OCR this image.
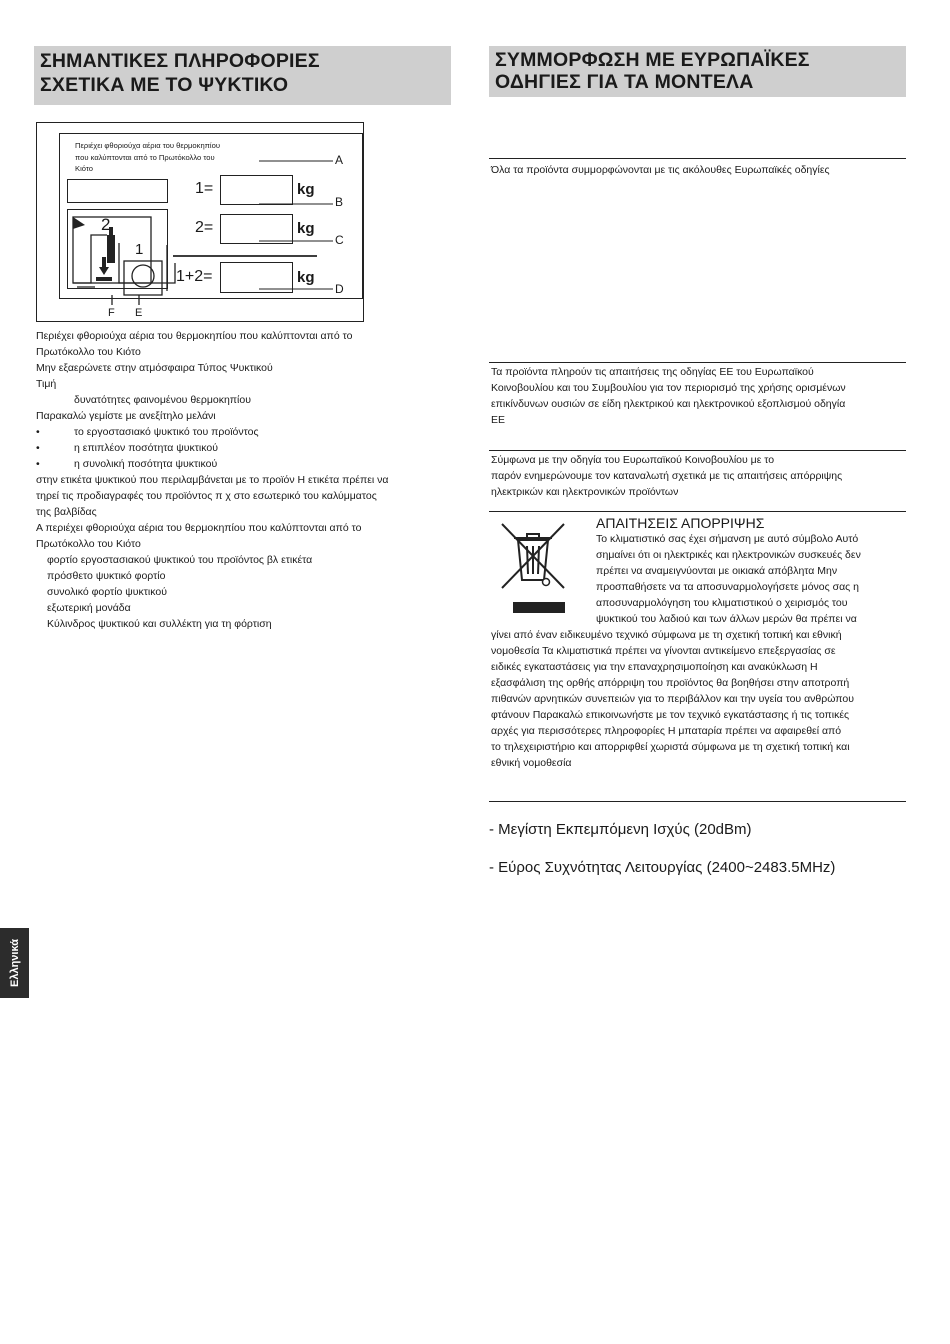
ΣΗΜΑΝΤΙΚΕΣ ΠΛΗΡΟΦΟΡΙΕΣ
ΣΧΕΤΙΚΑ ΜΕ ΤΟ ΨΥΚΤΙΚΟ
ΣΥΜΜΟΡΦΩΣΗ ΜΕ ΕΥΡΩΠΑΪΚΕΣ
ΟΔΗΓΙΕΣ ΓΙΑ ΤΑ ΜΟΝΤΕΛΑ
Περιέχει φθοριούχα αέρια του θερμοκηπίου
που καλύπτονται από το Πρωτόκολλο του
Κιότο
2
1
1=	kg
2=	kg
1+2=	kg
F E
A
B
C
D
Περιέχει φθοριούχα αέρια του θερμοκηπίου που καλύπτονται από το
Πρωτόκολλο του Κιότο
Μην εξαερώνετε στην ατμόσφαιρα Τύπος Ψυκτικού
Τιμή
δυνατότητες φαινομένου θερμοκηπίου
Παρακαλώ γεμίστε με ανεξίτηλο μελάνι
•	το εργοστασιακό ψυκτικό του προϊόντος
•	η επιπλέον ποσότητα ψυκτικού
•	η συνολική ποσότητα ψυκτικού
στην ετικέτα ψυκτικού που περιλαμβάνεται με το προϊόν Η ετικέτα πρέπει να
τηρεί τις προδιαγραφές του προϊόντος π χ στο εσωτερικό του καλύμματος
της βαλβίδας
Α περιέχει φθοριούχα αέρια του θερμοκηπίου που καλύπτονται από το
Πρωτόκολλο του Κιότο
φορτίο εργοστασιακού ψυκτικού του προϊόντος βλ ετικέτα
πρόσθετο ψυκτικό φορτίο
συνολικό φορτίο ψυκτικού
εξωτερική μονάδα
Κύλινδρος ψυκτικού και συλλέκτη για τη φόρτιση
Όλα τα προϊόντα συμμορφώνονται με τις ακόλουθες Ευρωπαϊκές οδηγίες
Τα προϊόντα πληρούν τις απαιτήσεις της οδηγίας ΕΕ του Ευρωπαϊκού
Κοινοβουλίου και του Συμβουλίου για τον περιορισμό της χρήσης ορισμένων
επικίνδυνων ουσιών σε είδη ηλεκτρικού και ηλεκτρονικού εξοπλισμού οδηγία
ΕΕ
Σύμφωνα με την οδηγία του Ευρωπαϊκού Κοινοβουλίου με το
παρόν ενημερώνουμε τον καταναλωτή σχετικά με τις απαιτήσεις απόρριψης
ηλεκτρικών και ηλεκτρονικών προϊόντων
ΑΠΑΙΤΗΣΕΙΣ ΑΠΟΡΡΙΨΗΣ
Το κλιματιστικό σας έχει σήμανση με αυτό σύμβολο Αυτό
σημαίνει ότι οι ηλεκτρικές και ηλεκτρονικών συσκευές δεν
πρέπει να αναμειγνύονται με οικιακά απόβλητα Μην
προσπαθήσετε να τα αποσυναρμολογήσετε μόνος σας η
αποσυναρμολόγηση του κλιματιστικού ο χειρισμός του
ψυκτικού του λαδιού και των άλλων μερών θα πρέπει να
γίνει από έναν ειδικευμένο τεχνικό σύμφωνα με τη σχετική τοπική και εθνική
νομοθεσία Τα κλιματιστικά πρέπει να γίνονται αντικείμενο επεξεργασίας σε
ειδικές εγκαταστάσεις για την επαναχρησιμοποίηση και ανακύκλωση Η
εξασφάλιση της ορθής απόρριψη του προϊόντος θα βοηθήσει στην αποτροπή
πιθανών αρνητικών συνεπειών για το περιβάλλον και την υγεία του ανθρώπου
φτάνουν Παρακαλώ επικοινωνήστε με τον τεχνικό εγκατάστασης ή τις τοπικές
αρχές για περισσότερες πληροφορίες Η μπαταρία πρέπει να αφαιρεθεί από
το τηλεχειριστήριο και απορριφθεί χωριστά σύμφωνα με τη σχετική τοπική και
εθνική νομοθεσία
- Μεγίστη Εκπεμπόμενη Ισχύς (20dBm)
- Εύρος Συχνότητας Λειτουργίας (2400~2483.5MHz)
Ελληνικά
